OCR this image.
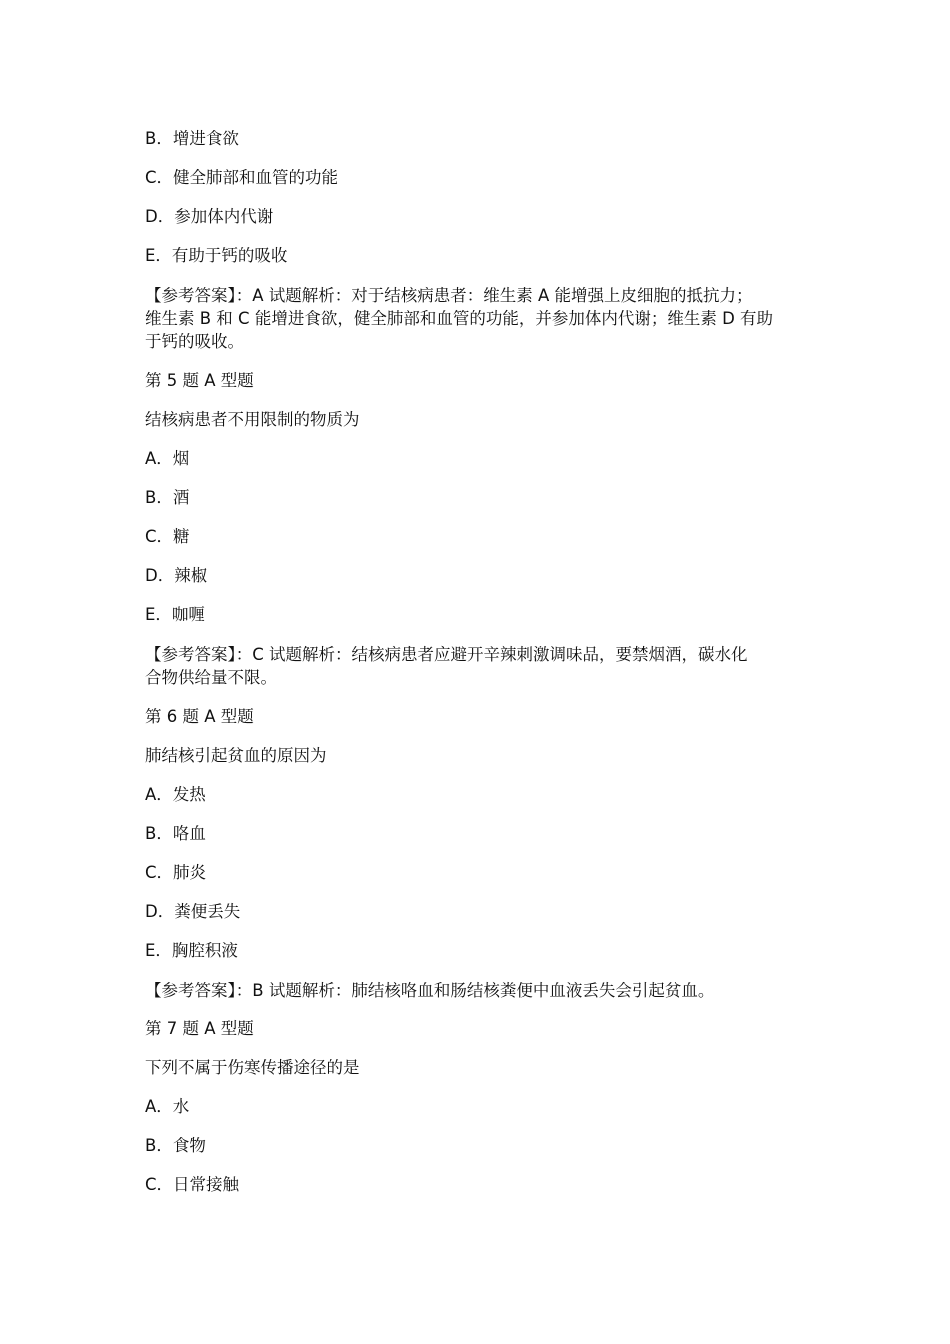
B．增进食欲
C．健全肺部和血管的功能
D．参加体内代谢
E．有助于钙的吸收
【参考答案】：A 试题解析：对于结核病患者：维生素 A 能增强上皮细胞的抵抗力；
维生素 B 和 C 能增进食欲，健全肺部和血管的功能，并参加体内代谢；维生素 D 有助
于钙的吸收。
第 5 题 A 型题
结核病患者不用限制的物质为
A．烟
B．酒
C．糖
D．辣椒
E．咖喱
【参考答案】：C 试题解析：结核病患者应避开辛辣刺激调味品，要禁烟酒，碳水化
合物供给量不限。
第 6 题 A 型题
肺结核引起贫血的原因为
A．发热
B．咯血
C．肺炎
D．粪便丢失
E．胸腔积液
【参考答案】：B 试题解析：肺结核咯血和肠结核粪便中血液丢失会引起贫血。
第 7 题 A 型题
下列不属于伤寒传播途径的是
A．水
B．食物
C．日常接触
